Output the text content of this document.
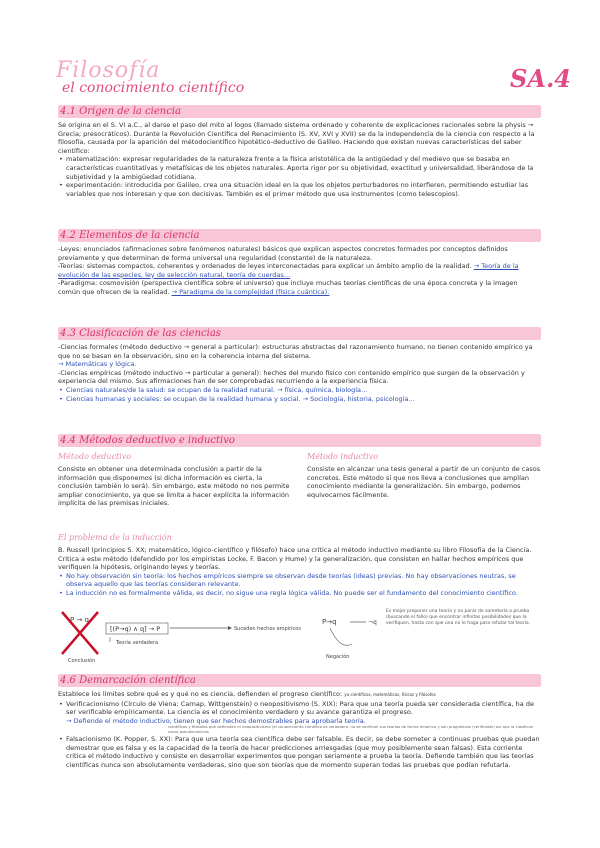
Filosofía
el conocimiento científico	SA.4
4.1 Origen de la ciencia
Se origina en el S. VI a.C., al darse el paso del mito al logos (llamado sistema ordenado y coherente de explicaciones racionales sobre la physis → Grecia; presocráticos). Durante la Revolución Científica del Renacimiento (S. XV, XVI y XVII) se da la independencia de la ciencia con respecto a la filosofía, causada por la aparición del métodocientífico hipotético-deductivo de Galileo. Haciendo que existan nuevas características del saber científico:
• matematización: expresar regularidades de la naturaleza frente a la física aristotélica de la antigüedad y del medievo que se basaba en características cuantitativas y metafísicas de los objetos naturales. Aporta rigor por su objetividad, exactitud y universalidad, liberándose de la subjetividad y la ambigüedad cotidiana.
• experimentación: introducida por Galileo, crea una situación ideal en la que los objetos perturbadores no interfieren, permitiendo estudiar las variables que nos interesan y que son decisivas. También es el primer método que usa instrumentos (como telescopios).
4.2 Elementos de la ciencia
-Leyes: enunciados (afirmaciones sobre fenómenos naturales) básicos que explican aspectos concretos formados por conceptos definidos previamente y que determinan de forma universal una regularidad (constante) de la naturaleza.
-Teorías: sistemas compactos, coherentes y ordenados de leyes interconectadas para explicar un ámbito amplio de la realidad. → Teoría de la evolución de las especies, ley de selección natural, teoría de cuerdas…
-Paradigma: cosmovisión (perspectiva científica sobre el universo) que incluye muchas teorías científicas de una época concreta y la imagen común que ofrecen de la realidad. → Paradigma de la complejidad (física cuántica).
4.3 Clasificación de las ciencias
-Ciencias formales (método deductivo → general a particular): estructuras abstractas del razonamiento humano, no tienen contenido empírico ya que no se basan en la observación, sino en la coherencia interna del sistema.
→ Matemáticas y lógica.
-Ciencias empíricas (método inductivo → particular a general): hechos del mundo físico con contenido empírico que surgen de la observación y experiencia del mismo. Sus afirmaciones han de ser comprobadas recurriendo a la experiencia física.
• Ciencias naturales/de la salud: se ocupan de la realidad natural. → física, química, biología…
• Ciencias humanas y sociales: se ocupan de la realidad humana y social. → Sociología, historia, psicología…
4.4 Métodos deductivo e inductivo
Método deductivo
Consiste en obtener una determinada conclusión a partir de la información que disponemos (si dicha información es cierta, la conclusión también lo será). Sin embargo, este método no nos permite ampliar conocimiento, ya que se limita a hacer explícita la información implícita de las premisas iniciales.
Método inductivo
Consiste en alcanzar una tesis general a partir de un conjunto de casos concretos. Este método sí que nos lleva a conclusiones que amplían conocimiento mediante la generalización. Sin embargo, podemos equivocarnos fácilmente.
El problema de la inducción
B. Russell (principios S. XX; matemático, lógico-científico y filósofo) hace una crítica al método inductivo mediante su libro Filosofía de la Ciencia. Critica a este método (defendido por los empiristas Locke, F. Bacon y Hume) y la generalización, que consisten en hallar hechos empíricos que verifiquen la hipótesis, originando leyes y teorías.
• No hay observación sin teoría: los hechos empíricos siempre se observan desde teorías (ideas) previas. No hay observaciones neutras, se observa aquello que las teorías consideran relevante.
• La inducción no es formalmente válida, es decir, no sigue una regla lógica válida. No puede ser el fundamento del conocimiento científico.
P → q
[(P→q) ∧ q] → P	Suceden hechos empíricos
Teoría verdadera
Conclusión
P→q	¬q
Negación
Es mejor proponer una teoría y no parar de someterla a prueba (buscando el fallo) que encontrar infinitas posibilidades que la verifiquen, hasta con que una no lo haga para refutar tal teoría.
4.6 Demarcación científica
Establece los límites sobre qué es y qué no es ciencia, defienden el progreso científico: ya científicos, matemáticos, físicos y filósofos
• Verificacionismo (Círculo de Viena; Carnap, Wittgenstein) o neopositivismo (S. XIX): Para que una teoría pueda ser considerada científica, ha de ser verificable empíricamente. La ciencia es el conocimiento verdadero y su avance garantiza el progreso.
→ Defiende el método inductivo, tienen que ser hechos demostrables para aprobarla teoría.
científicos y filósofos que defienden el neopositivismo (el conocimiento científico es verdadero, no se verifican sus teorías de forma empírica y son progresivas (verificable) así que la clasifican como pseudociencias
• Falsacionismo (K. Popper, S. XX): Para que una teoría sea científica debe ser falsable. Es decir, se debe someter a continuas pruebas que puedan demostrar que es falsa y es la capacidad de la teoría de hacer predicciones arriesgadas (que muy posiblemente sean falsas). Esta corriente critica el método inductivo y consiste en desarrollar experimentos que pongan seriamente a prueba la teoría. Defiende también que las teorías científicas nunca son absolutamente verdaderas, sino que son teorías que de momento superan todas las pruebas que podían refutarla.
